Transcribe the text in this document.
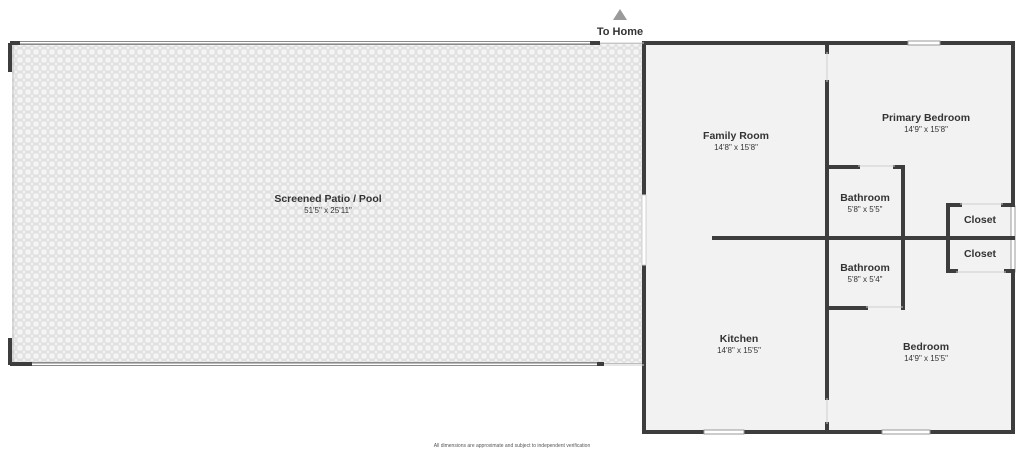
To Home
Screened Patio / Pool
51'5" x 25'11"
Family Room
14'8" x 15'8"
Primary Bedroom
14'9" x 15'8"
Bathroom
5'8" x 5'5"
Bathroom
5'8" x 5'4"
Closet
Closet
Kitchen
14'8" x 15'5"	Bedroom
14'9" x 15'5"
All dimensions are approximate and subject to independent verification
